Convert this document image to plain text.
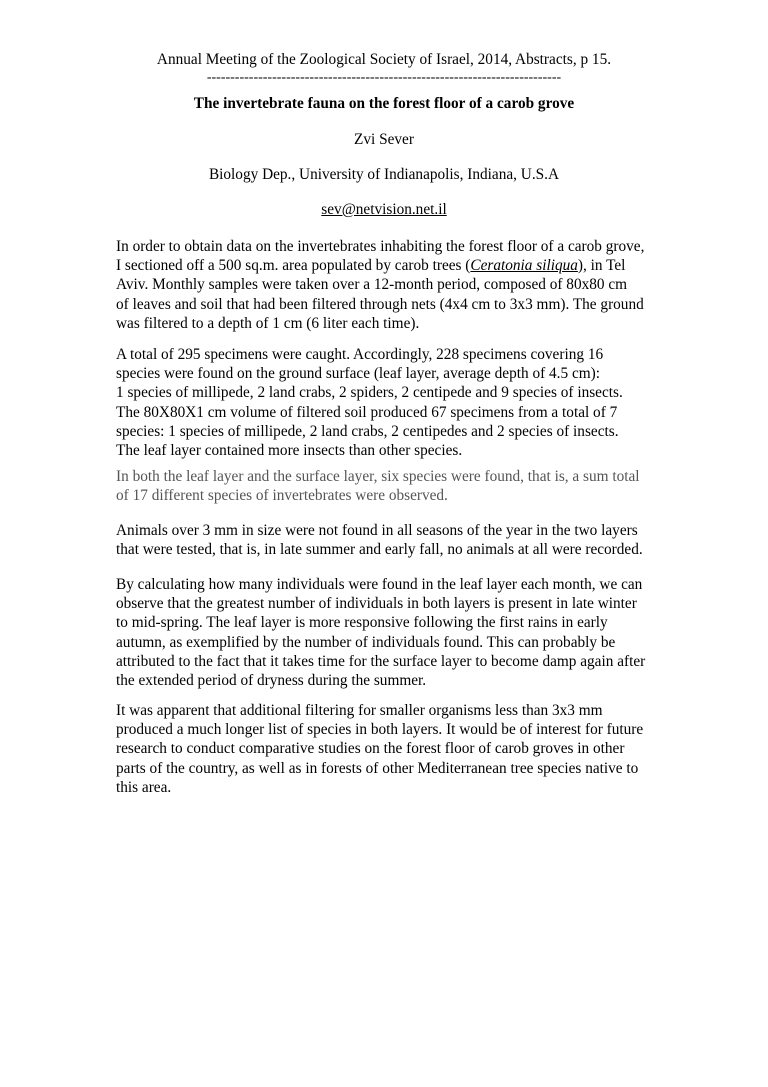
Annual Meeting of the Zoological Society of Israel, 2014, Abstracts, p 15.
----------------------------------------------------------------------------
The invertebrate fauna on the forest floor of a carob grove
Zvi Sever
Biology Dep., University of Indianapolis, Indiana, U.S.A
sev@netvision.net.il
In order to obtain data on the invertebrates inhabiting the forest floor of a carob grove,
I sectioned off a 500 sq.m. area populated by carob trees (Ceratonia siliqua), in Tel
Aviv. Monthly samples were taken over a 12-month period, composed of 80x80 cm
of leaves and soil that had been filtered through nets (4x4 cm to 3x3 mm). The ground
was filtered to a depth of 1 cm (6 liter each time).
A total of 295 specimens were caught. Accordingly, 228 specimens covering 16
species were found on the ground surface (leaf layer, average depth of 4.5 cm):
1 species of millipede, 2 land crabs, 2 spiders, 2 centipede and 9 species of insects.
The 80X80X1 cm volume of filtered soil produced 67 specimens from a total of 7
species: 1 species of millipede, 2 land crabs, 2 centipedes and 2 species of insects.
The leaf layer contained more insects than other species.
In both the leaf layer and the surface layer, six species were found, that is, a sum total
of 17 different species of invertebrates were observed.
Animals over 3 mm in size were not found in all seasons of the year in the two layers
that were tested, that is, in late summer and early fall, no animals at all were recorded.
By calculating how many individuals were found in the leaf layer each month, we can
observe that the greatest number of individuals in both layers is present in late winter
to mid-spring. The leaf layer is more responsive following the first rains in early
autumn, as exemplified by the number of individuals found. This can probably be
attributed to the fact that it takes time for the surface layer to become damp again after
the extended period of dryness during the summer.
It was apparent that additional filtering for smaller organisms less than 3x3 mm
produced a much longer list of species in both layers. It would be of interest for future
research to conduct comparative studies on the forest floor of carob groves in other
parts of the country, as well as in forests of other Mediterranean tree species native to
this area.
